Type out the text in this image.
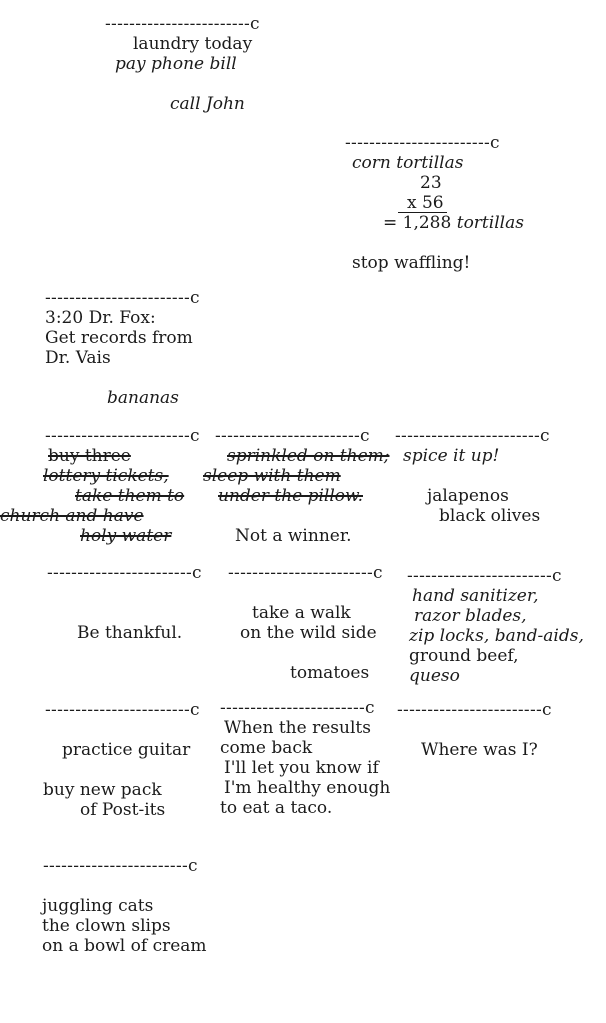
------------------------c
laundry today
pay phone bill
call John
------------------------c
corn tortillas
23
x 56
= 1,288 tortillas
stop waffling!
------------------------c
3:20 Dr. Fox:
Get records from
Dr. Vais
bananas
------------------------c
buy three
lottery tickets,
take them to
church and have
holy water
------------------------c
sprinkled on them;
sleep with them
under the pillow.
Not a winner.
------------------------c
spice it up!
jalapenos
black olives
------------------------c
Be thankful.
------------------------c
take a walk
on the wild side
tomatoes
------------------------c
hand sanitizer,
razor blades,
zip locks, band-aids,
ground beef,
queso
------------------------c
practice guitar
buy new pack
of Post-its
------------------------c
When the results
come back
I'll let you know if
I'm healthy enough
to eat a taco.
------------------------c
Where was I?
------------------------c
juggling cats
the clown slips
on a bowl of cream
